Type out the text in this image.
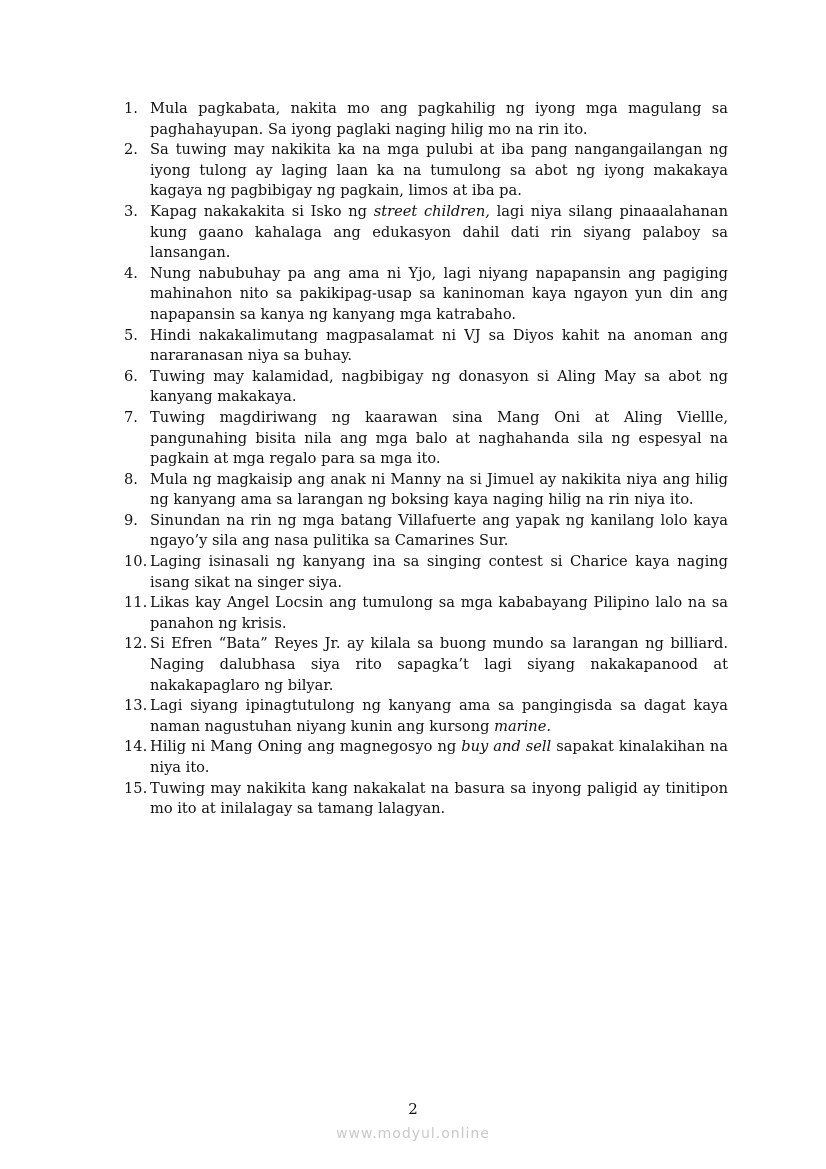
1. Mula pagkabata, nakita mo ang pagkahilig ng iyong mga magulang sa paghahayupan. Sa iyong paglaki naging hilig mo na rin ito.
2. Sa tuwing may nakikita ka na mga pulubi at iba pang nangangailangan ng iyong tulong ay laging laan ka na tumulong sa abot ng iyong makakaya kagaya ng pagbibigay ng pagkain, limos at iba pa.
3. Kapag nakakakita si Isko ng street children, lagi niya silang pinaaalahanan kung gaano kahalaga ang edukasyon dahil dati rin siyang palaboy sa lansangan.
4. Nung nabubuhay pa ang ama ni Yjo, lagi niyang napapansin ang pagiging mahinahon nito sa pakikipag-usap sa kaninoman kaya ngayon yun din ang napapansin sa kanya ng kanyang mga katrabaho.
5. Hindi nakakalimutang magpasalamat ni VJ sa Diyos kahit na anoman ang nararanasan niya sa buhay.
6. Tuwing may kalamidad, nagbibigay ng donasyon si Aling May sa abot ng kanyang makakaya.
7. Tuwing magdiriwang ng kaarawan sina Mang Oni at Aling Viellle, pangunahing bisita nila ang mga balo at naghahanda sila ng espesyal na pagkain at mga regalo para sa mga ito.
8. Mula ng magkaisip ang anak ni Manny na si Jimuel ay nakikita niya ang hilig ng kanyang ama sa larangan ng boksing kaya naging hilig na rin niya ito.
9. Sinundan na rin ng mga batang Villafuerte ang yapak ng kanilang lolo kaya ngayo’y sila ang nasa pulitika sa Camarines Sur.
10. Laging isinasali ng kanyang ina sa singing contest si Charice kaya naging isang sikat na singer siya.
11. Likas kay Angel Locsin ang tumulong sa mga kababayang Pilipino lalo na sa panahon ng krisis.
12. Si Efren “Bata” Reyes Jr. ay kilala sa buong mundo sa larangan ng billiard. Naging dalubhasa siya rito sapagka’t lagi siyang nakakapanood at nakakapaglaro ng bilyar.
13. Lagi siyang ipinagtutulong ng kanyang ama sa pangingisda sa dagat kaya naman nagustuhan niyang kunin ang kursong marine.
14. Hilig ni Mang Oning ang magnegosyo ng buy and sell sapakat kinalakihan na niya ito.
15. Tuwing may nakikita kang nakakalat na basura sa inyong paligid ay tinitipon mo ito at inilalagay sa tamang lalagyan.
2
www.modyul.online
